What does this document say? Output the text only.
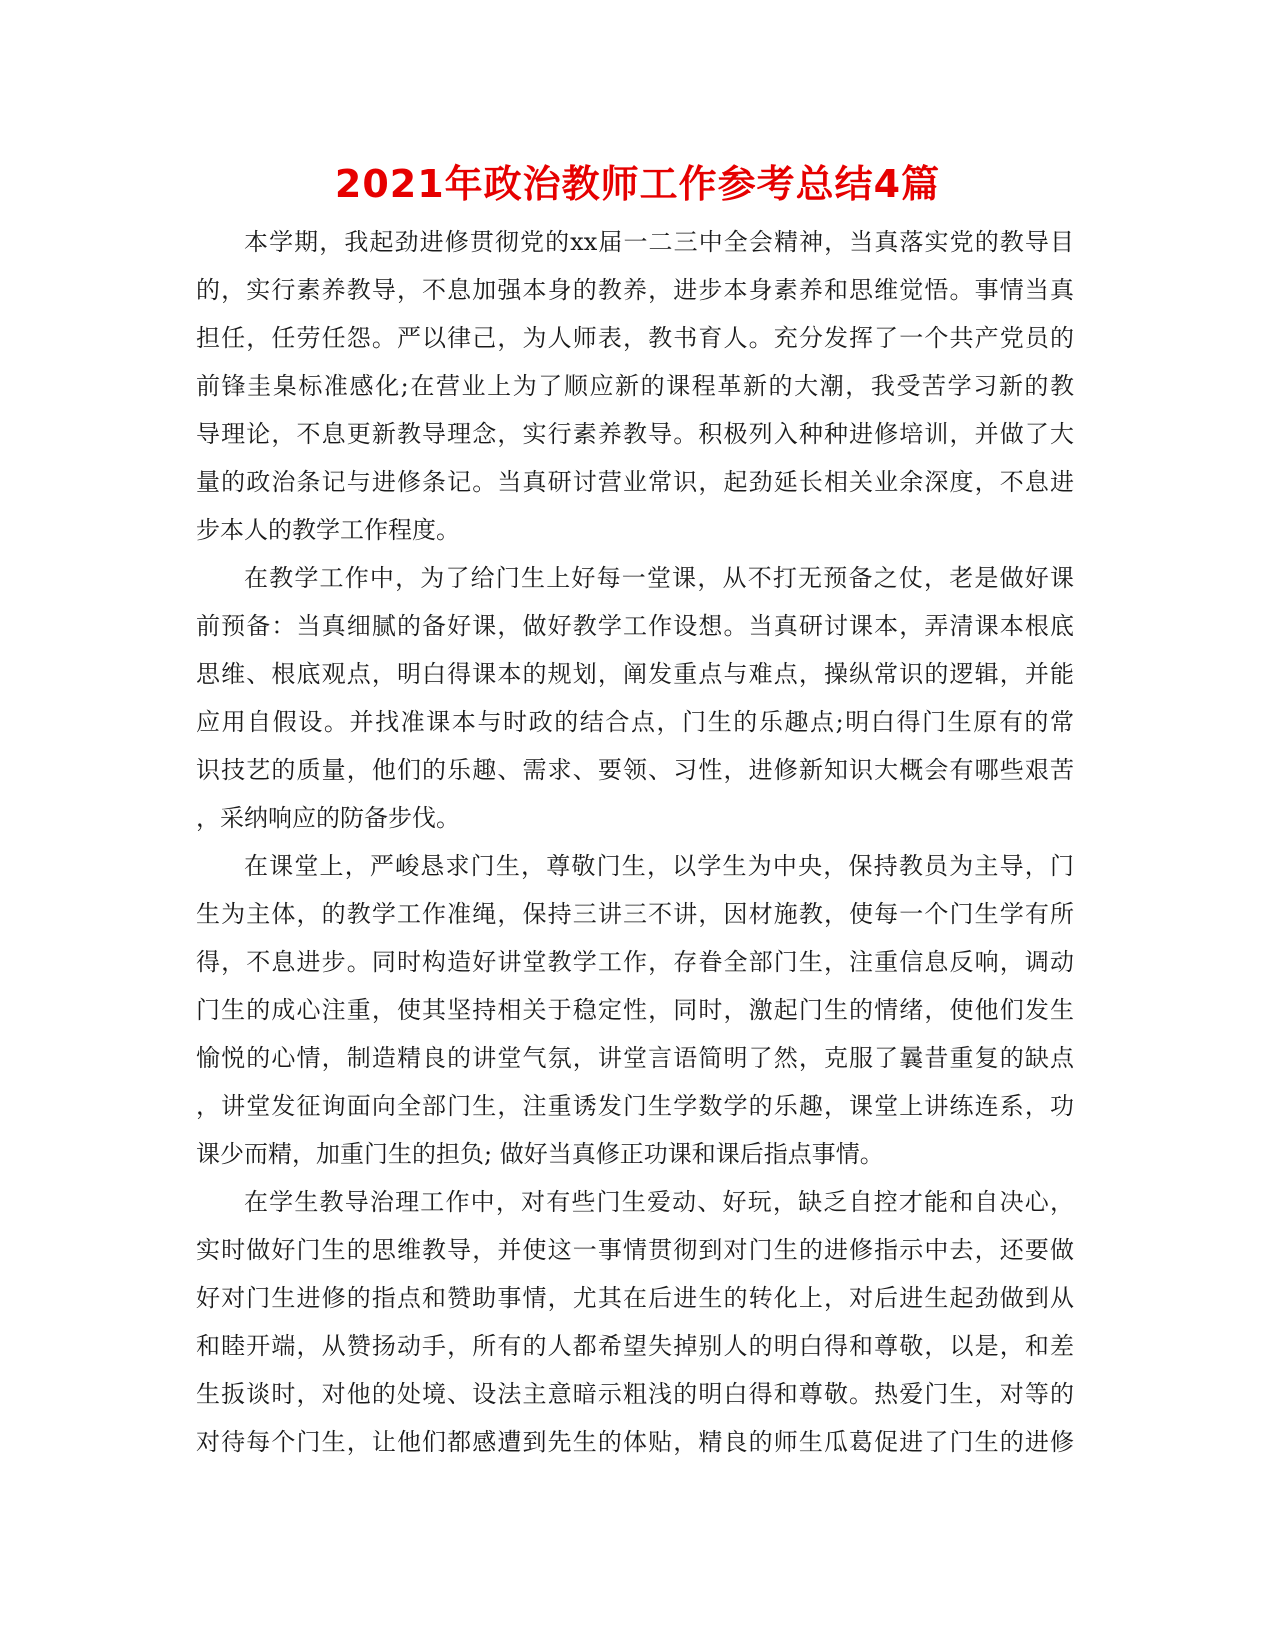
2021年政治教师工作参考总结4篇
本学期，我起劲进修贯彻党的xx届一二三中全会精神，当真落实党的教导目
的，实行素养教导，不息加强本身的教养，进步本身素养和思维觉悟。事情当真
担任，任劳任怨。严以律己，为人师表，教书育人。充分发挥了一个共产党员的
前锋圭臬标准感化;在营业上为了顺应新的课程革新的大潮，我受苦学习新的教
导理论，不息更新教导理念，实行素养教导。积极列入种种进修培训，并做了大
量的政治条记与进修条记。当真研讨营业常识，起劲延长相关业余深度，不息进
步本人的教学工作程度。
在教学工作中，为了给门生上好每一堂课，从不打无预备之仗，老是做好课
前预备：当真细腻的备好课，做好教学工作设想。当真研讨课本，弄清课本根底
思维、根底观点，明白得课本的规划，阐发重点与难点，操纵常识的逻辑，并能
应用自假设。并找准课本与时政的结合点，门生的乐趣点;明白得门生原有的常
识技艺的质量，他们的乐趣、需求、要领、习性，进修新知识大概会有哪些艰苦
，采纳响应的防备步伐。
在课堂上，严峻恳求门生，尊敬门生，以学生为中央，保持教员为主导，门
生为主体，的教学工作准绳，保持三讲三不讲，因材施教，使每一个门生学有所
得，不息进步。同时构造好讲堂教学工作，存眷全部门生，注重信息反响，调动
门生的成心注重，使其坚持相关于稳定性，同时，激起门生的情绪，使他们发生
愉悦的心情，制造精良的讲堂气氛，讲堂言语简明了然，克服了曩昔重复的缺点
，讲堂发征询面向全部门生，注重诱发门生学数学的乐趣，课堂上讲练连系，功
课少而精，加重门生的担负; 做好当真修正功课和课后指点事情。
在学生教导治理工作中，对有些门生爱动、好玩，缺乏自控才能和自决心，
实时做好门生的思维教导，并使这一事情贯彻到对门生的进修指示中去，还要做
好对门生进修的指点和赞助事情，尤其在后进生的转化上，对后进生起劲做到从
和睦开端，从赞扬动手，所有的人都希望失掉别人的明白得和尊敬，以是，和差
生扳谈时，对他的处境、设法主意暗示粗浅的明白得和尊敬。热爱门生，对等的
对待每个门生，让他们都感遭到先生的体贴，精良的师生瓜葛促进了门生的进修
